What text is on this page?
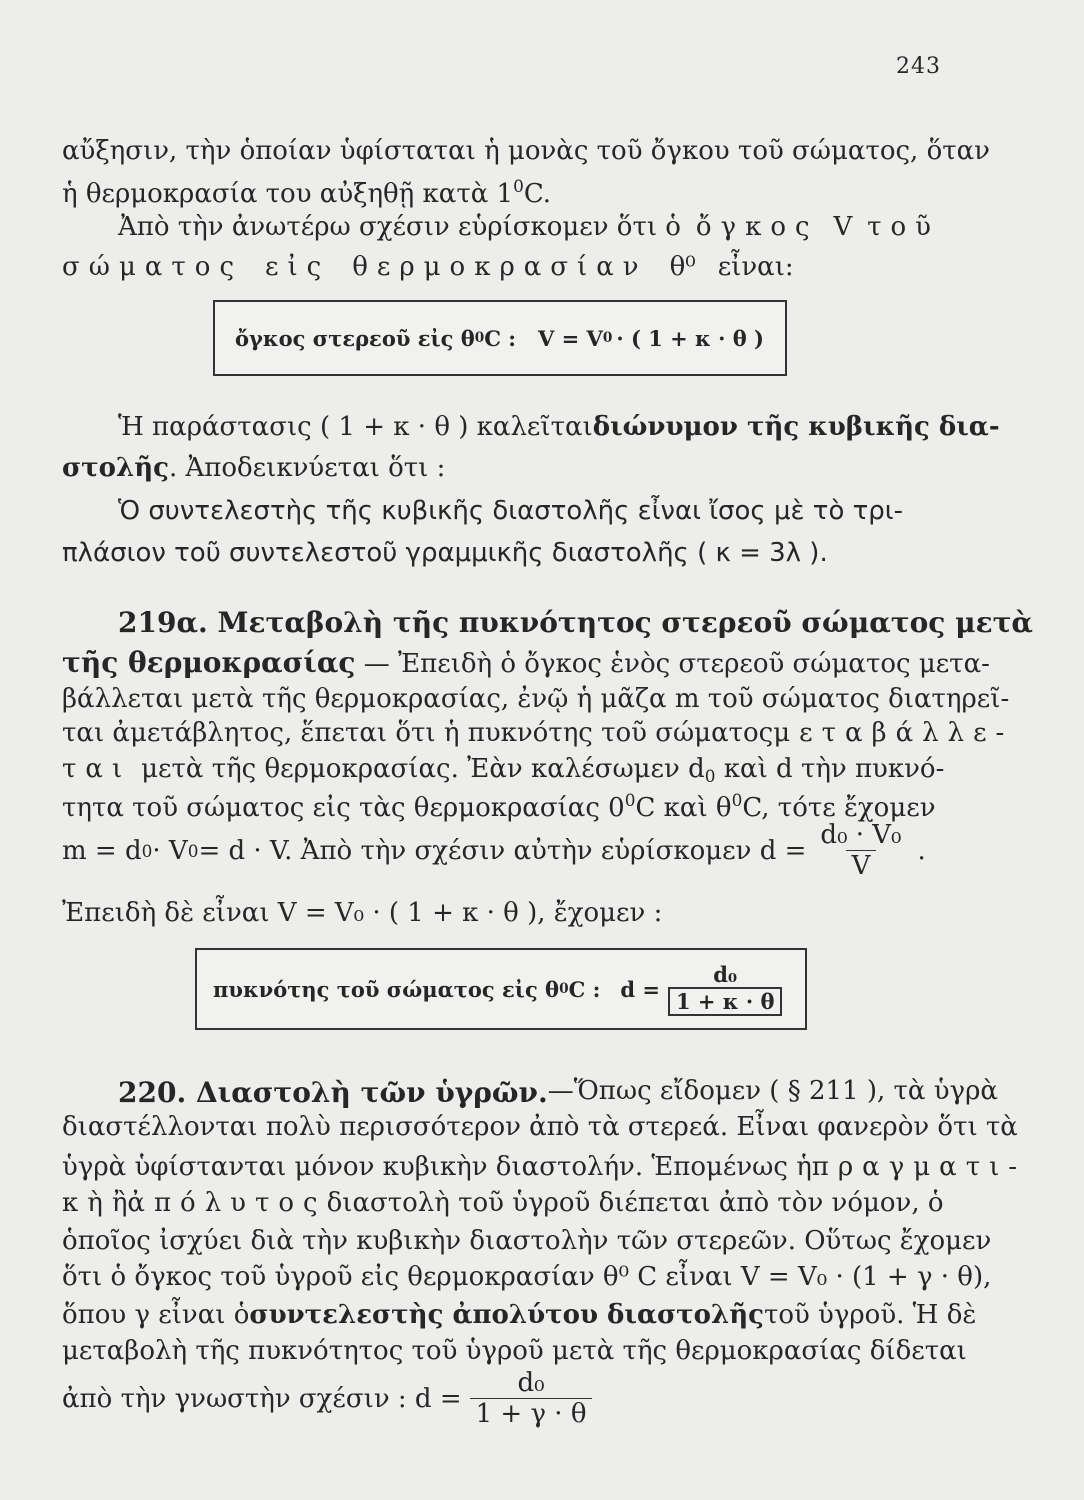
243
αὔξησιν, τὴν ὁποίαν ὑφίσταται ἡ μονὰς τοῦ ὄγκου τοῦ σώματος, ὅταν
ἡ θερμοκρασία του αὐξηθῇ κατὰ $1^0C$.
Ἀπὸ τὴν ἀνωτέρω σχέσιν εὑρίσκομεν ὅτι ὁ ὄγκος V τοῦ
σώματος εἰς θερμοκρασίαν θ⁰ εἶναι:
ὄγκος στερεοῦ εἰς θ 0 C : V = V 0 · ( 1 + κ · θ )
Ἡ παράστασις ( 1 + κ · θ ) καλεῖται διώνυμον τῆς κυβικῆς δια-
στολῆς. Ἀποδεικνύεται ὅτι :
Ὁ συντελεστὴς τῆς κυβικῆς διαστολῆς εἶναι ἴσος μὲ τὸ τρι-
πλάσιον τοῦ συντελεστοῦ γραμμικῆς διαστολῆς ( κ = 3λ ).
219α. Μεταβολὴ τῆς πυκνότητος στερεοῦ σώματος μετὰ
τῆς θερμοκρασίας — Ἐπειδὴ ὁ ὄγκος ἑνὸς στερεοῦ σώματος μετα-
βάλλεται μετὰ τῆς θερμοκρασίας, ἐνῷ ἡ μᾶζα m τοῦ σώματος διατηρεῖ-
ται ἀμετάβλητος, ἕπεται ὅτι ἡ πυκνότης τοῦ σώματος μεταβάλλε-
ται μετὰ τῆς θερμοκρασίας. Ἐὰν καλέσωμεν $d_0$ καὶ d τὴν πυκνό-
τητα τοῦ σώματος εἰς τὰς θερμοκρασίας $0^0C$ καὶ $\theta^0C$, τότε ἔχομεν
m = d 0 · V 0 = d · V. Ἀπὸ τὴν σχέσιν αὐτὴν εὑρίσκομεν $d = \frac{\text{d₀ · V₀}}{V}$ .
Ἐπειδὴ δὲ εἶναι V = V₀ · ( 1 + κ · θ ), ἔχομεν :
πυκνότης τοῦ σώματος εἰς θ 0 C : $d = \frac{\text{d₀}}{1 + \kappa \cdot \theta}$
220. Διαστολὴ τῶν ὑγρῶν. —Ὅπως εἴδομεν ( § 211 ), τὰ ὑγρὰ
διαστέλλονται πολὺ περισσότερον ἀπὸ τὰ στερεά. Εἶναι φανερὸν ὅτι τὰ
ὑγρὰ ὑφίστανται μόνον κυβικὴν διαστολήν. Ἑπομένως ἡ πραγματι-
κὴ ἢ ἀπόλυτος διαστολὴ τοῦ ὑγροῦ διέπεται ἀπὸ τὸν νόμον, ὁ
ὁποῖος ἰσχύει διὰ τὴν κυβικὴν διαστολὴν τῶν στερεῶν. Οὕτως ἔχομεν
ὅτι ὁ ὄγκος τοῦ ὑγροῦ εἰς θερμοκρασίαν θ⁰ C εἶναι V = V₀ · (1 + γ · θ),
ὅπου γ εἶναι ὁ συντελεστὴς ἀπολύτου διαστολῆς τοῦ ὑγροῦ. Ἡ δὲ
μεταβολὴ τῆς πυκνότητος τοῦ ὑγροῦ μετὰ τῆς θερμοκρασίας δίδεται
ἀπὸ τὴν γνωστὴν σχέσιν : $d = \frac{\text{d₀}}{1 + \gamma \cdot \theta}$
